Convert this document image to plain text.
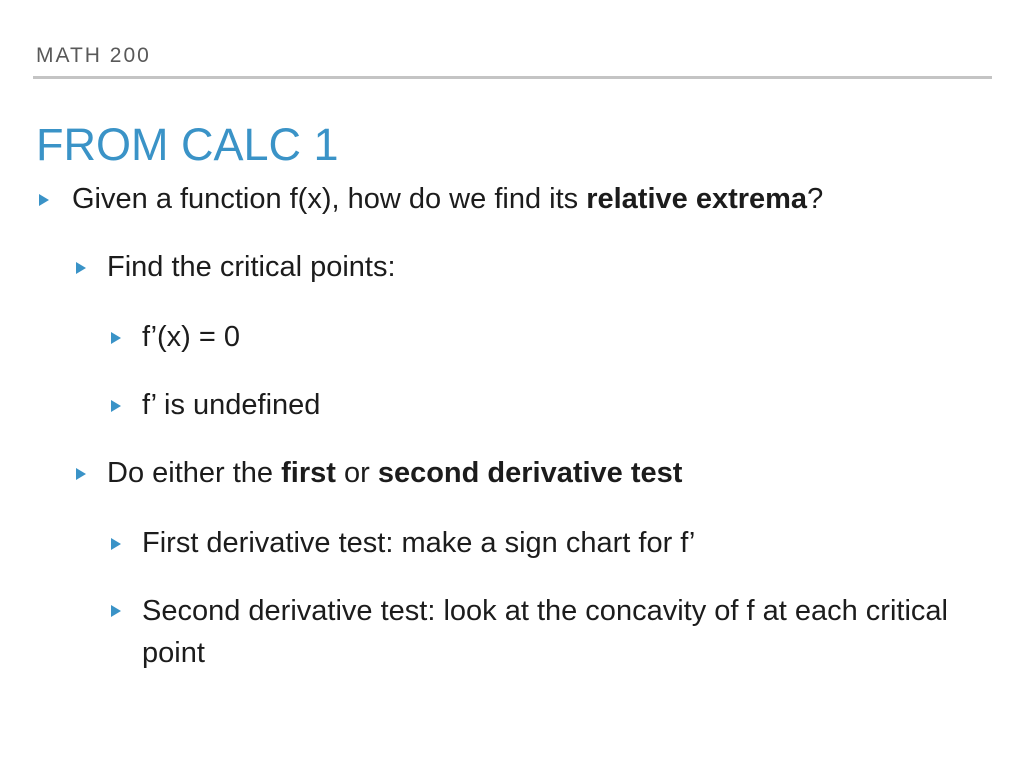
MATH 200
FROM CALC 1

Given a function f(x), how do we find its relative extrema?

Find the critical points:

f’(x) = 0

f’ is undefined

Do either the first or second derivative test

First derivative test: make a sign chart for f’

Second derivative test: look at the concavity of f at each critical point
